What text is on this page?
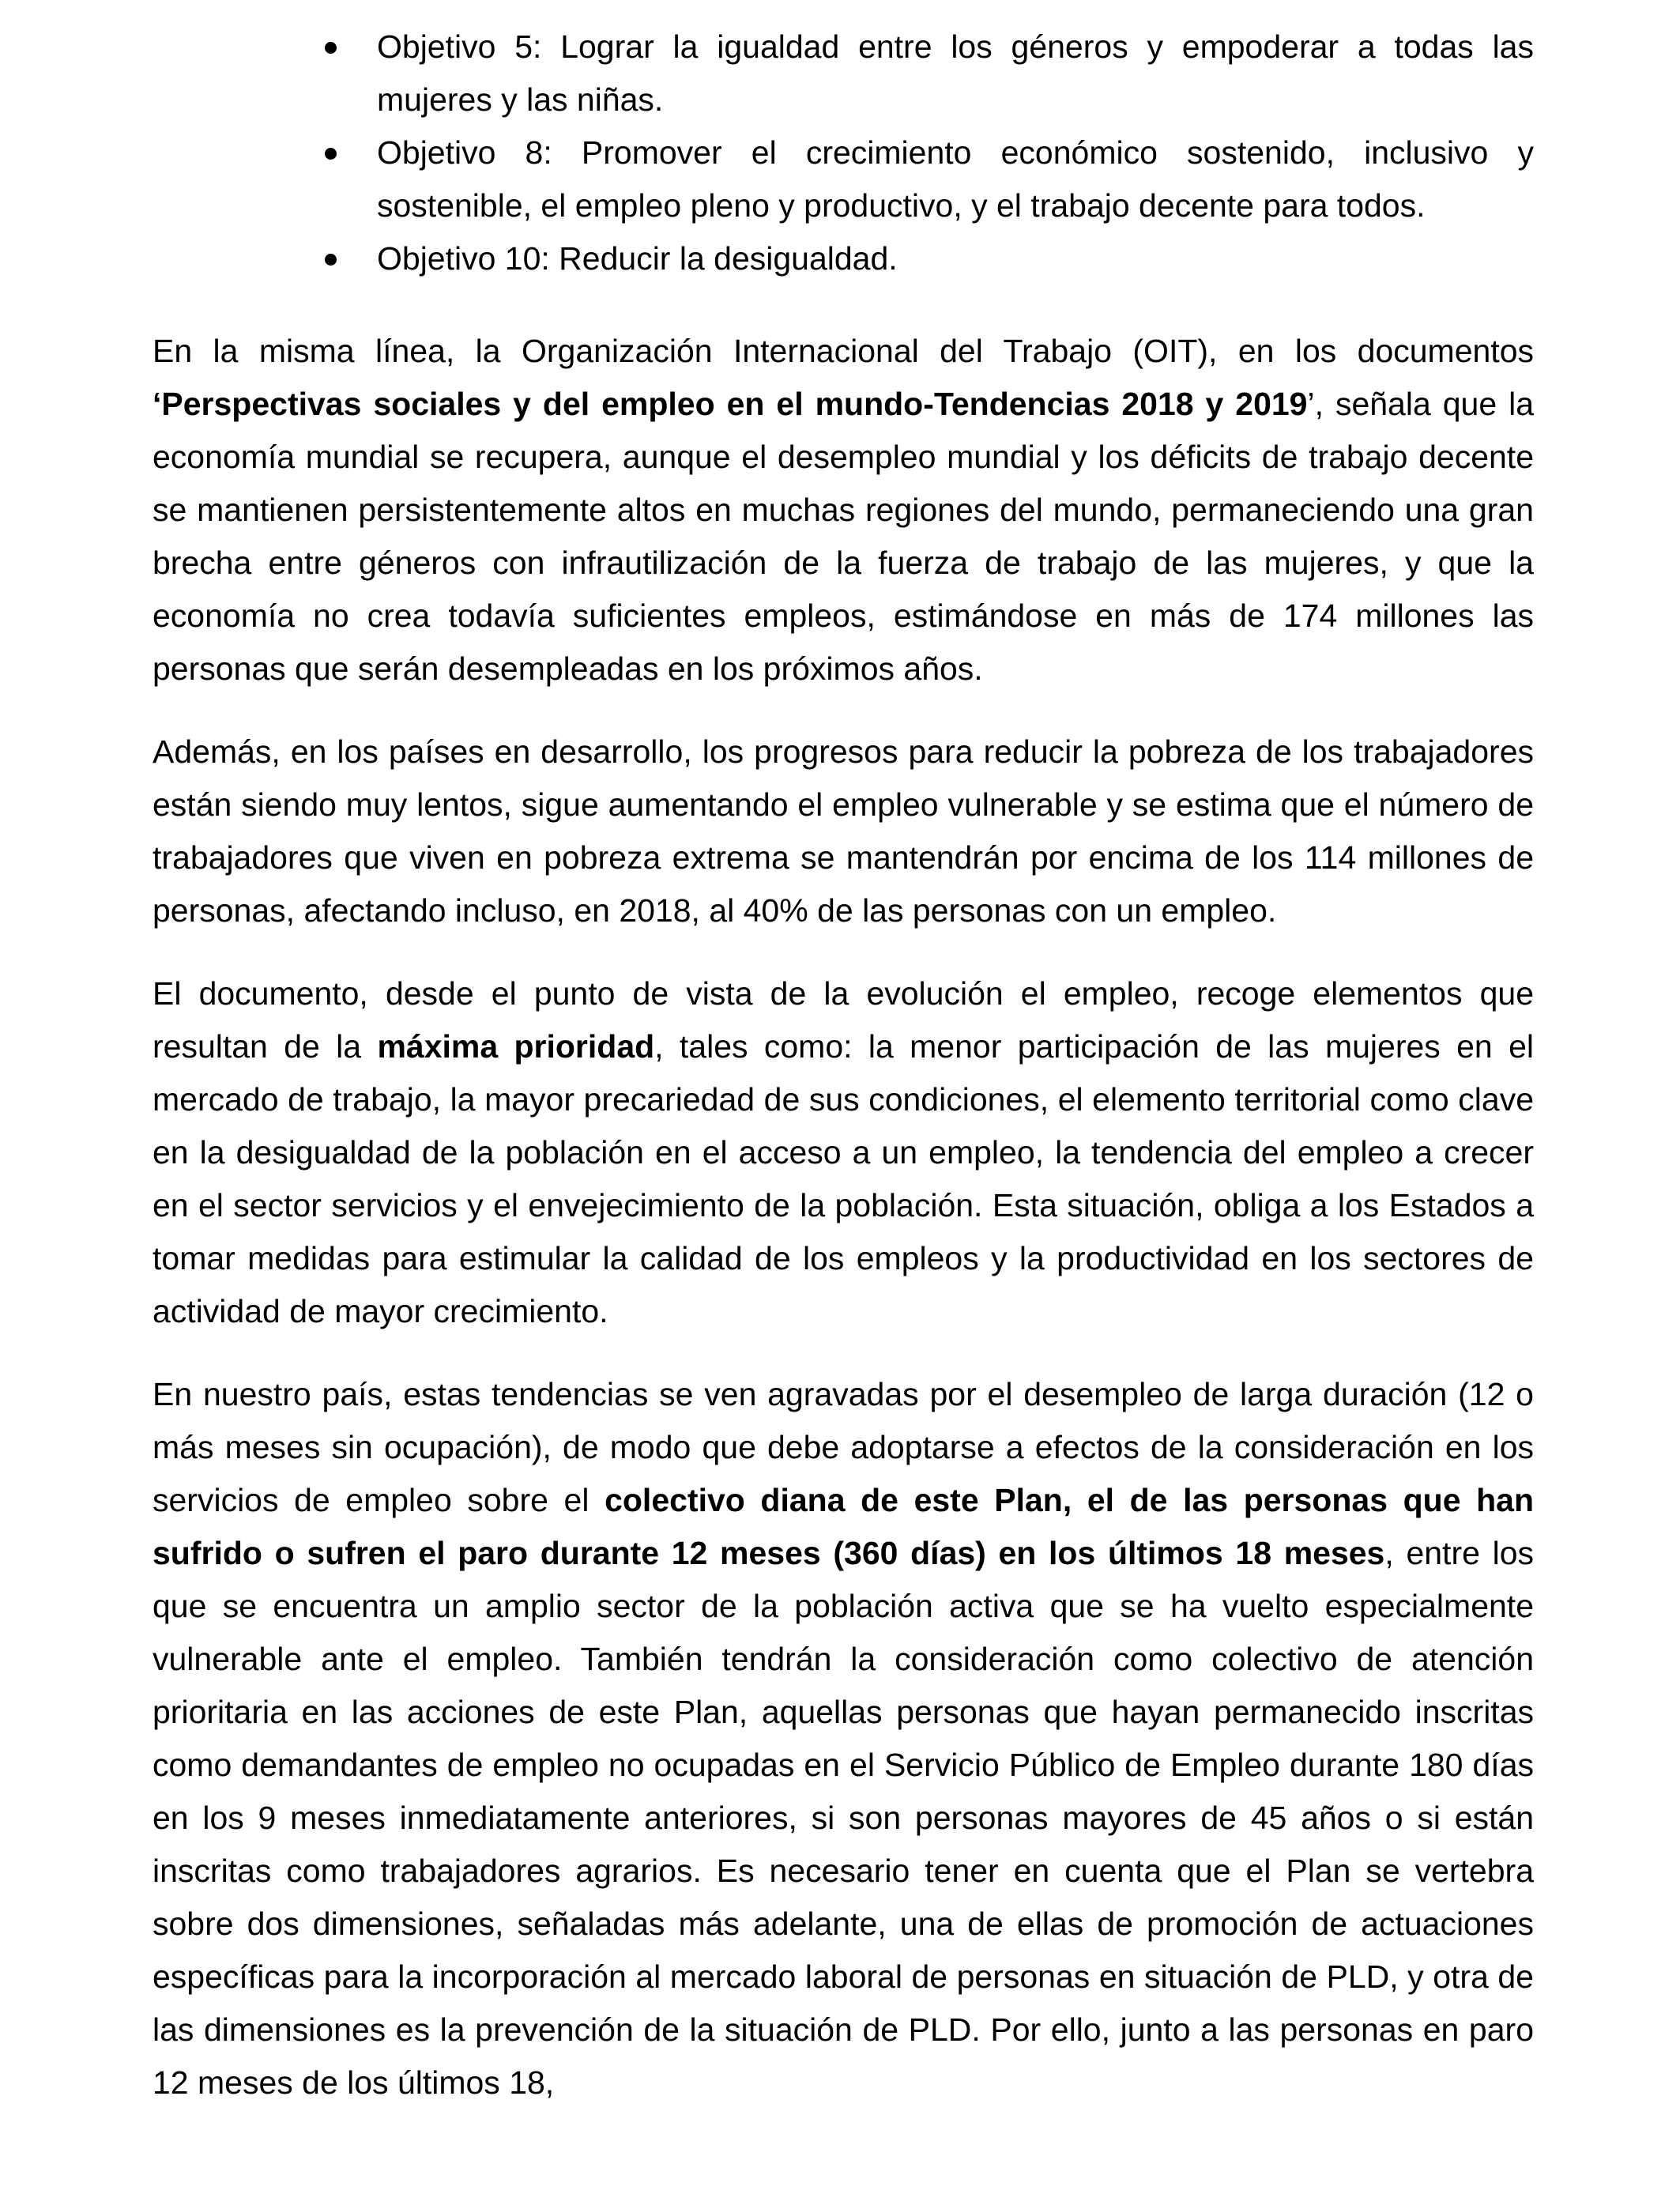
Objetivo 5: Lograr la igualdad entre los géneros y empoderar a todas las mujeres y las niñas.
Objetivo 8: Promover el crecimiento económico sostenido, inclusivo y sostenible, el empleo pleno y productivo, y el trabajo decente para todos.
Objetivo 10: Reducir la desigualdad.

En la misma línea, la Organización Internacional del Trabajo (OIT), en los documentos ‘Perspectivas sociales y del empleo en el mundo-Tendencias 2018 y 2019’, señala que la economía mundial se recupera, aunque el desempleo mundial y los déficits de trabajo decente se mantienen persistentemente altos en muchas regiones del mundo, permaneciendo una gran brecha entre géneros con infrautilización de la fuerza de trabajo de las mujeres, y que la economía no crea todavía suficientes empleos, estimándose en más de 174 millones las personas que serán desempleadas en los próximos años.

Además, en los países en desarrollo, los progresos para reducir la pobreza de los trabajadores están siendo muy lentos, sigue aumentando el empleo vulnerable y se estima que el número de trabajadores que viven en pobreza extrema se mantendrán por encima de los 114 millones de personas, afectando incluso, en 2018, al 40% de las personas con un empleo.

El documento, desde el punto de vista de la evolución el empleo, recoge elementos que resultan de la máxima prioridad, tales como: la menor participación de las mujeres en el mercado de trabajo, la mayor precariedad de sus condiciones, el elemento territorial como clave en la desigualdad de la población en el acceso a un empleo, la tendencia del empleo a crecer en el sector servicios y el envejecimiento de la población. Esta situación, obliga a los Estados a tomar medidas para estimular la calidad de los empleos y la productividad en los sectores de actividad de mayor crecimiento.

En nuestro país, estas tendencias se ven agravadas por el desempleo de larga duración (12 o más meses sin ocupación), de modo que debe adoptarse a efectos de la consideración en los servicios de empleo sobre el colectivo diana de este Plan, el de las personas que han sufrido o sufren el paro durante 12 meses (360 días) en los últimos 18 meses, entre los que se encuentra un amplio sector de la población activa que se ha vuelto especialmente vulnerable ante el empleo. También tendrán la consideración como colectivo de atención prioritaria en las acciones de este Plan, aquellas personas que hayan permanecido inscritas como demandantes de empleo no ocupadas en el Servicio Público de Empleo durante 180 días en los 9 meses inmediatamente anteriores, si son personas mayores de 45 años o si están inscritas como trabajadores agrarios. Es necesario tener en cuenta que el Plan se vertebra sobre dos dimensiones, señaladas más adelante, una de ellas de promoción de actuaciones específicas para la incorporación al mercado laboral de personas en situación de PLD, y otra de las dimensiones es la prevención de la situación de PLD. Por ello, junto a las personas en paro 12 meses de los últimos 18,
